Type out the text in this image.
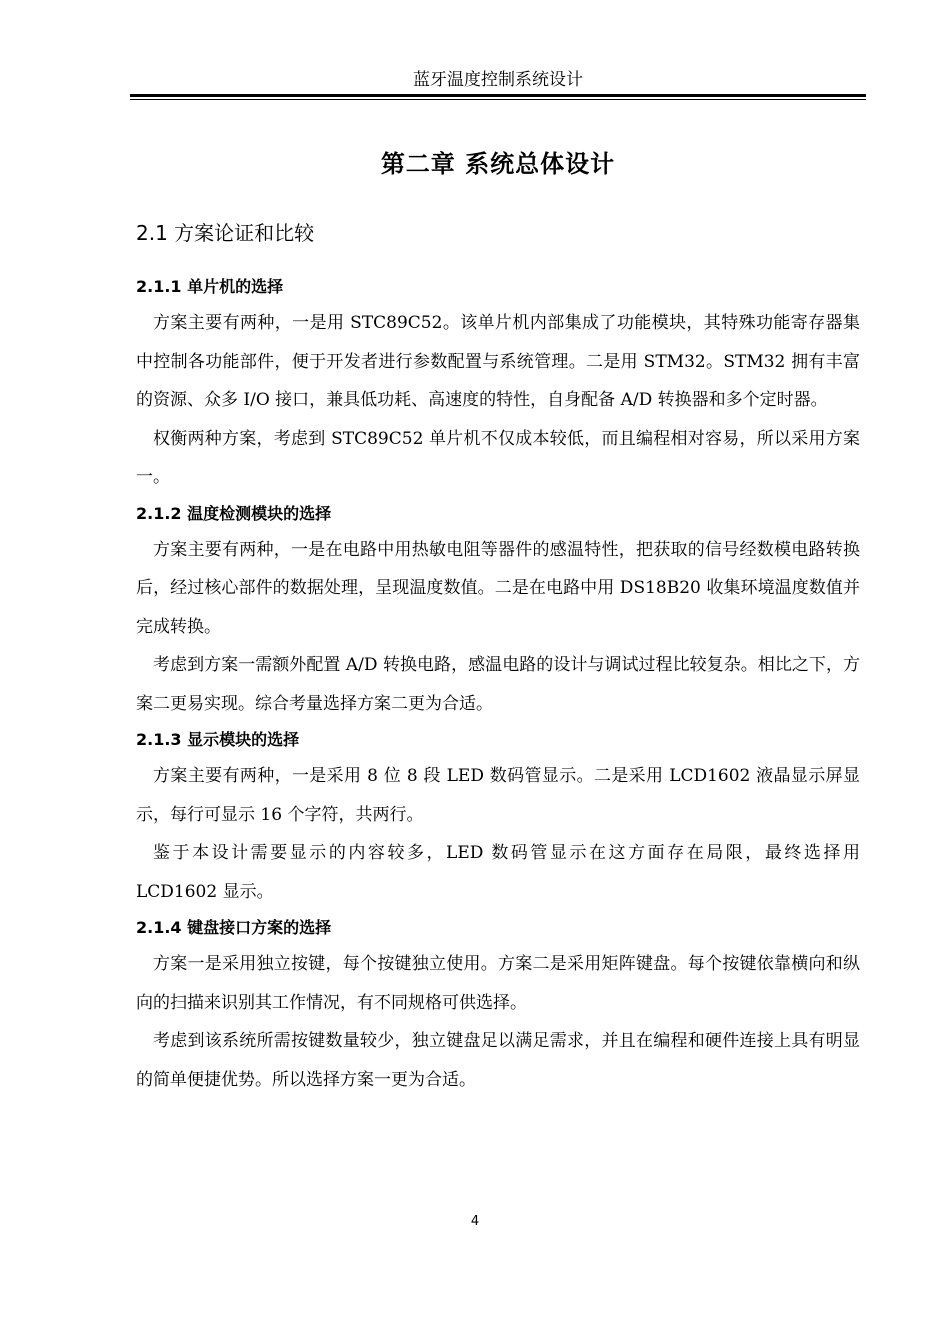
蓝牙温度控制系统设计
第二章 系统总体设计
2.1 方案论证和比较
2.1.1 单片机的选择

方案主要有两种，一是用 STC89C52。该单片机内部集成了功能模块，其特殊功能寄存器集中控制各功能部件，便于开发者进行参数配置与系统管理。二是用 STM32。STM32 拥有丰富的资源、众多 I/O 接口，兼具低功耗、高速度的特性，自身配备 A/D 转换器和多个定时器。

权衡两种方案，考虑到 STC89C52 单片机不仅成本较低，而且编程相对容易，所以采用方案一。

2.1.2 温度检测模块的选择

方案主要有两种，一是在电路中用热敏电阻等器件的感温特性，把获取的信号经数模电路转换后，经过核心部件的数据处理，呈现温度数值。二是在电路中用 DS18B20 收集环境温度数值并完成转换。

考虑到方案一需额外配置 A/D 转换电路，感温电路的设计与调试过程比较复杂。相比之下，方案二更易实现。综合考量选择方案二更为合适。

2.1.3 显示模块的选择

方案主要有两种，一是采用 8 位 8 段 LED 数码管显示。二是采用 LCD1602 液晶显示屏显示，每行可显示 16 个字符，共两行。

鉴于本设计需要显示的内容较多，LED 数码管显示在这方面存在局限，最终选择用 LCD1602 显示。

2.1.4 键盘接口方案的选择

方案一是采用独立按键，每个按键独立使用。方案二是采用矩阵键盘。每个按键依靠横向和纵向的扫描来识别其工作情况，有不同规格可供选择。

考虑到该系统所需按键数量较少，独立键盘足以满足需求，并且在编程和硬件连接上具有明显的简单便捷优势。所以选择方案一更为合适。

4
